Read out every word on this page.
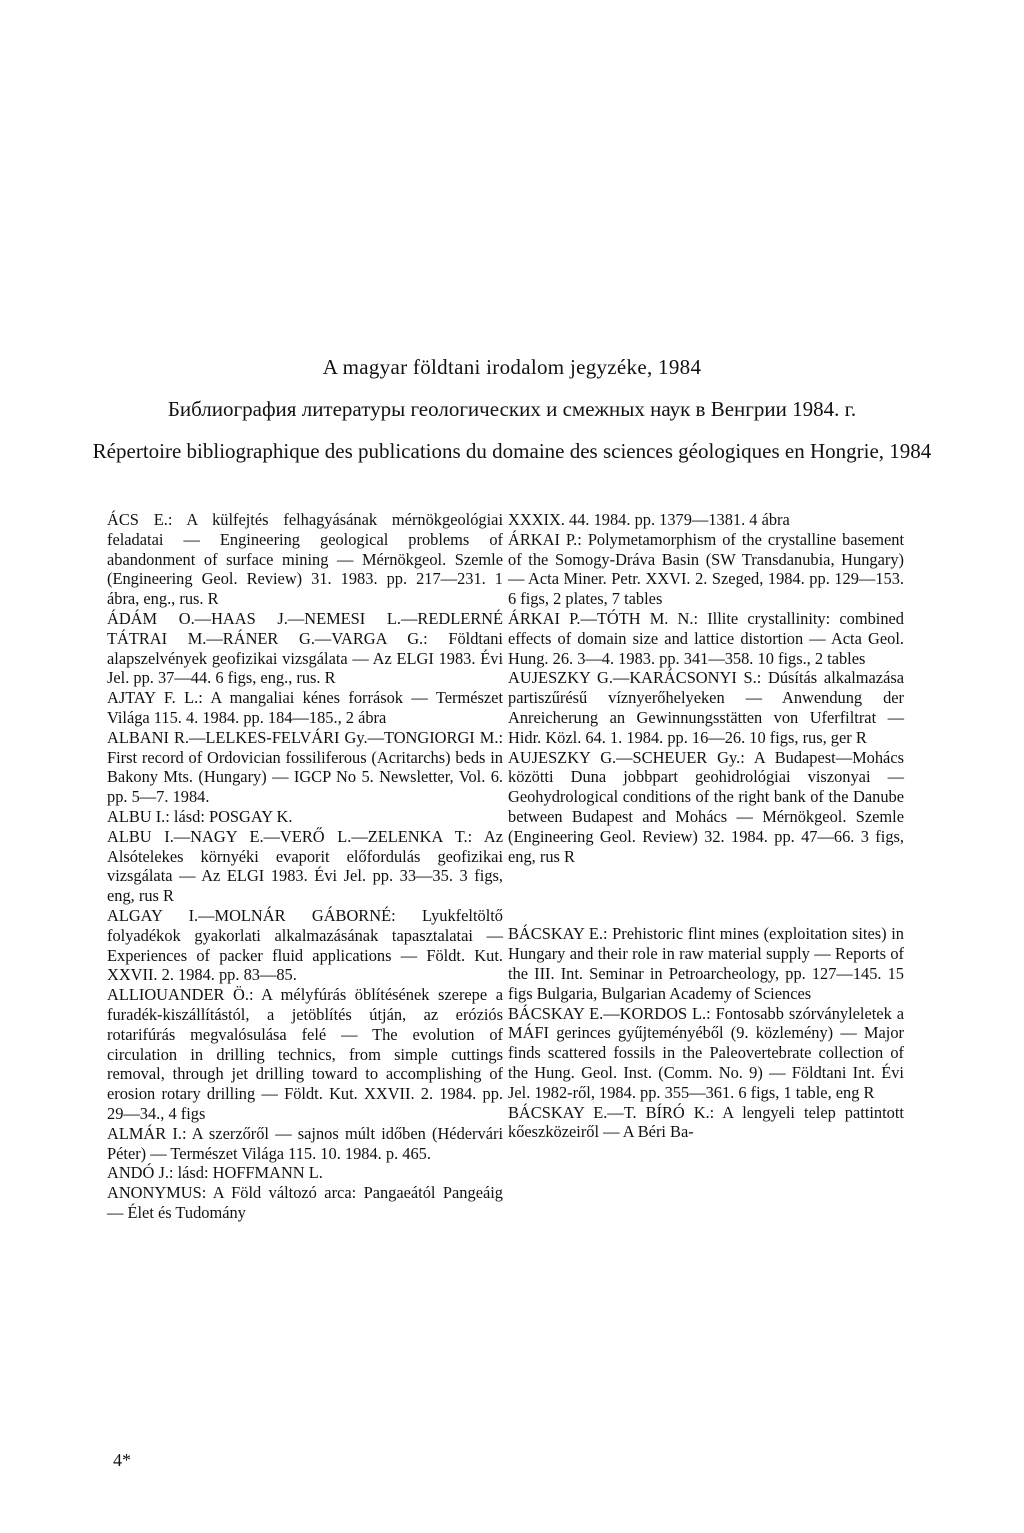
A magyar földtani irodalom jegyzéke, 1984
Библиография литературы геологических и смежных наук в Венгрии 1984. г.
Répertoire bibliographique des publications du domaine des sciences géologiques en Hongrie, 1984
ÁCS E.: A külfejtés felhagyásának mérnökgeológiai feladatai — Engineering geological problems of abandonment of surface mining — Mérnökgeol. Szemle (Engineering Geol. Review) 31. 1983. pp. 217—231. 1 ábra, eng., rus. R
ÁDÁM O.—HAAS J.—NEMESI L.—REDLERNÉ TÁTRAI M.—RÁNER G.—VARGA G.: Földtani alapszelvények geofizikai vizsgálata — Az ELGI 1983. Évi Jel. pp. 37—44. 6 figs, eng., rus. R
AJTAY F. L.: A mangaliai kénes források — Természet Világa 115. 4. 1984. pp. 184—185., 2 ábra
ALBANI R.—LELKES-FELVÁRI Gy.—TONGIORGI M.: First record of Ordovician fossiliferous (Acritarchs) beds in Bakony Mts. (Hungary) — IGCP No 5. Newsletter, Vol. 6. pp. 5—7. 1984.
ALBU I.: lásd: POSGAY K.
ALBU I.—NAGY E.—VERŐ L.—ZELENKA T.: Az Alsótelekes környéki evaporit előfordulás geofizikai vizsgálata — Az ELGI 1983. Évi Jel. pp. 33—35. 3 figs, eng, rus R
ALGAY I.—MOLNÁR GÁBORNÉ: Lyukfeltöltő folyadékok gyakorlati alkalmazásának tapasztalatai — Experiences of packer fluid applications — Földt. Kut. XXVII. 2. 1984. pp. 83—85.
ALLIOUANDER Ö.: A mélyfúrás öblítésének szerepe a furadék-kiszállítástól, a jetöblítés útján, az eróziós rotarifúrás megvalósulása felé — The evolution of circulation in drilling technics, from simple cuttings removal, through jet drilling toward to accomplishing of erosion rotary drilling — Földt. Kut. XXVII. 2. 1984. pp. 29—34., 4 figs
ALMÁR I.: A szerzőről — sajnos múlt időben (Hédervári Péter) — Természet Világa 115. 10. 1984. p. 465.
ANDÓ J.: lásd: HOFFMANN L.
ANONYMUS: A Föld változó arca: Pangaeától Pangeáig — Élet és Tudomány
XXXIX. 44. 1984. pp. 1379—1381. 4 ábra
ÁRKAI P.: Polymetamorphism of the crystalline basement of the Somogy-Dráva Basin (SW Transdanubia, Hungary) — Acta Miner. Petr. XXVI. 2. Szeged, 1984. pp. 129—153. 6 figs, 2 plates, 7 tables
ÁRKAI P.—TÓTH M. N.: Illite crystallinity: combined effects of domain size and lattice distortion — Acta Geol. Hung. 26. 3—4. 1983. pp. 341—358. 10 figs., 2 tables
AUJESZKY G.—KARÁCSONYI S.: Dúsítás alkalmazása partiszűrésű víznyerőhelyeken — Anwendung der Anreicherung an Gewinnungsstätten von Uferfiltrat — Hidr. Közl. 64. 1. 1984. pp. 16—26. 10 figs, rus, ger R
AUJESZKY G.—SCHEUER Gy.: A Budapest—Mohács közötti Duna jobbpart geohidrológiai viszonyai — Geohydrological conditions of the right bank of the Danube between Budapest and Mohács — Mérnökgeol. Szemle (Engineering Geol. Review) 32. 1984. pp. 47—66. 3 figs, eng, rus R
BÁCSKAY E.: Prehistoric flint mines (exploitation sites) in Hungary and their role in raw material supply — Reports of the III. Int. Seminar in Petroarcheology, pp. 127—145. 15 figs Bulgaria, Bulgarian Academy of Sciences
BÁCSKAY E.—KORDOS L.: Fontosabb szórványleletek a MÁFI gerinces gyűjteményéből (9. közlemény) — Major finds scattered fossils in the Paleovertebrate collection of the Hung. Geol. Inst. (Comm. No. 9) — Földtani Int. Évi Jel. 1982-ről, 1984. pp. 355—361. 6 figs, 1 table, eng R
BÁCSKAY E.—T. BÍRÓ K.: A lengyeli telep pattintott kőeszközeiről — A Béri Ba-
4*
